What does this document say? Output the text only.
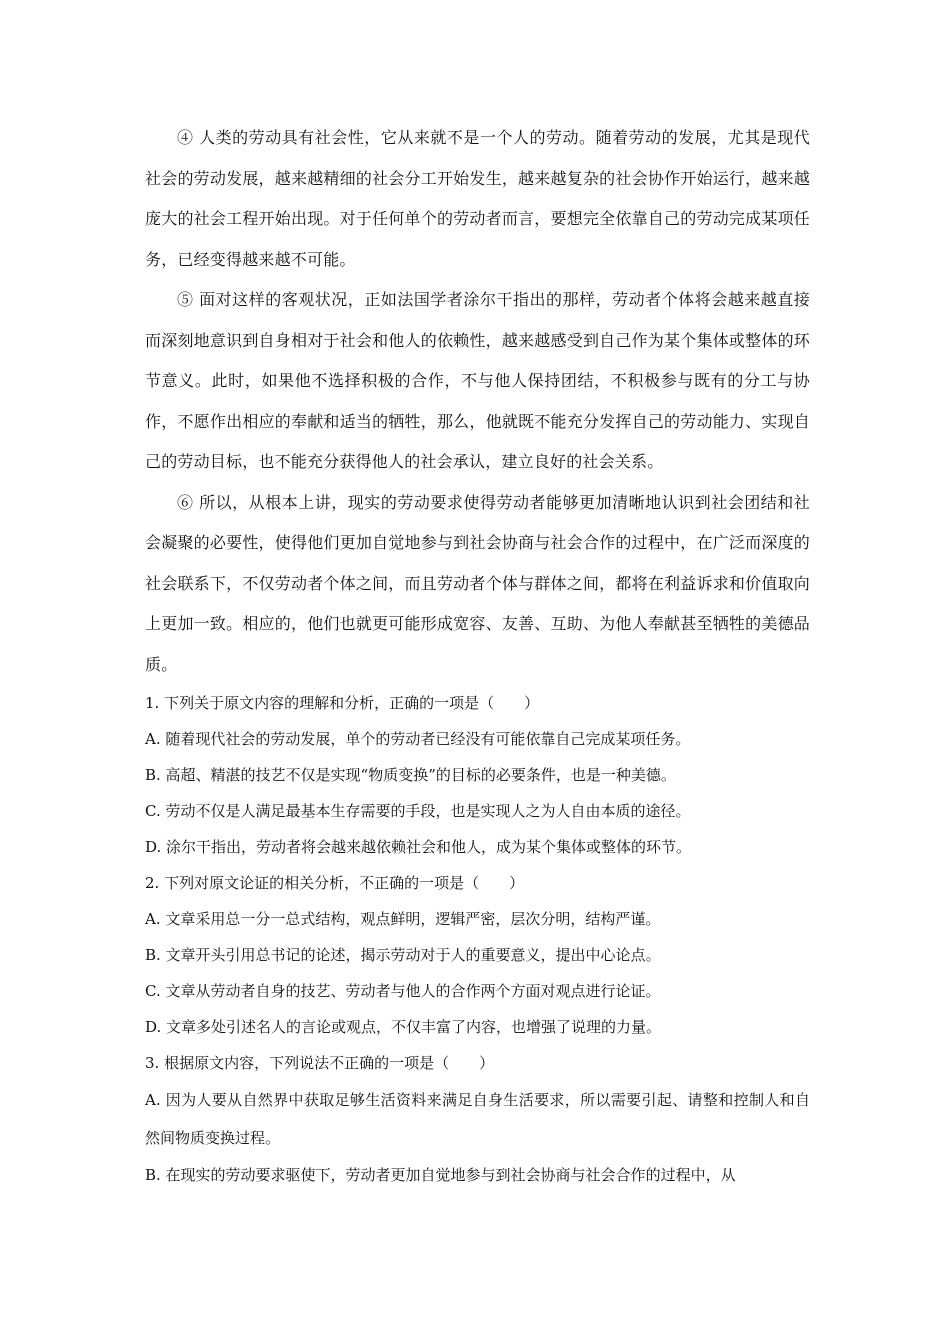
④ 人类的劳动具有社会性，它从来就不是一个人的劳动。随着劳动的发展，尤其是现代社会的劳动发展，越来越精细的社会分工开始发生，越来越复杂的社会协作开始运行，越来越庞大的社会工程开始出现。对于任何单个的劳动者而言，要想完全依靠自己的劳动完成某项任务，已经变得越来越不可能。

⑤ 面对这样的客观状况，正如法国学者涂尔干指出的那样，劳动者个体将会越来越直接而深刻地意识到自身相对于社会和他人的依赖性，越来越感受到自己作为某个集体或整体的环节意义。此时，如果他不选择积极的合作，不与他人保持团结，不积极参与既有的分工与协作，不愿作出相应的奉献和适当的牺牲，那么，他就既不能充分发挥自己的劳动能力、实现自己的劳动目标，也不能充分获得他人的社会承认，建立良好的社会关系。

⑥ 所以，从根本上讲，现实的劳动要求使得劳动者能够更加清晰地认识到社会团结和社会凝聚的必要性，使得他们更加自觉地参与到社会协商与社会合作的过程中，在广泛而深度的社会联系下，不仅劳动者个体之间，而且劳动者个体与群体之间，都将在利益诉求和价值取向上更加一致。相应的，他们也就更可能形成宽容、友善、互助、为他人奉献甚至牺牲的美德品质。

1. 下列关于原文内容的理解和分析，正确的一项是（　　）

A. 随着现代社会的劳动发展，单个的劳动者已经没有可能依靠自己完成某项任务。

B. 高超、精湛的技艺不仅是实现“物质变换”的目标的必要条件，也是一种美德。

C. 劳动不仅是人满足最基本生存需要的手段，也是实现人之为人自由本质的途径。

D. 涂尔干指出，劳动者将会越来越依赖社会和他人，成为某个集体或整体的环节。

2. 下列对原文论证的相关分析，不正确的一项是（　　）

A. 文章采用总一分一总式结构，观点鲜明，逻辑严密，层次分明，结构严谨。

B. 文章开头引用总书记的论述，揭示劳动对于人的重要意义，提出中心论点。

C. 文章从劳动者自身的技艺、劳动者与他人的合作两个方面对观点进行论证。

D. 文章多处引述名人的言论或观点，不仅丰富了内容，也增强了说理的力量。

3. 根据原文内容，下列说法不正确的一项是（　　）

A. 因为人要从自然界中获取足够生活资料来满足自身生活要求，所以需要引起、请整和控制人和自然间物质变换过程。

B. 在现实的劳动要求驱使下，劳动者更加自觉地参与到社会协商与社会合作的过程中，从
